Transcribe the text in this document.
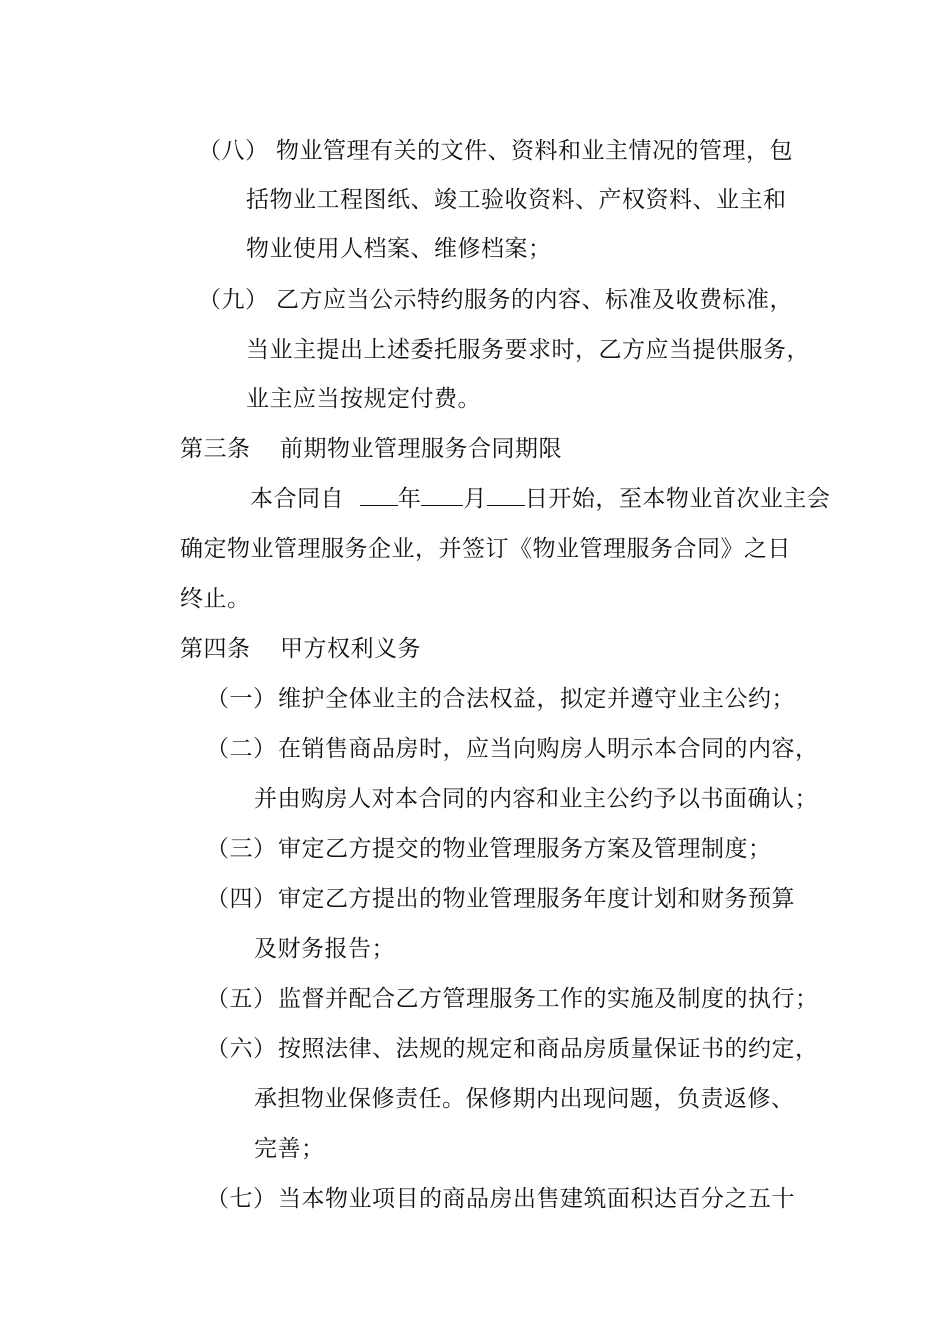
（八） 物业管理有关的文件、资料和业主情况的管理，包
括物业工程图纸、竣工验收资料、产权资料、业主和
物业使用人档案、维修档案；
（九） 乙方应当公示特约服务的内容、标准及收费标准，
当业主提出上述委托服务要求时，乙方应当提供服务，
业主应当按规定付费。
第三条 前期物业管理服务合同期限
本合同自 年 月 日开始，至本物业首次业主会
确定物业管理服务企业，并签订《物业管理服务合同》之日
终止。
第四条 甲方权利义务
（一） 维护全体业主的合法权益，拟定并遵守业主公约；
（二） 在销售商品房时，应当向购房人明示本合同的内容，
并由购房人对本合同的内容和业主公约予以书面确认；
（三） 审定乙方提交的物业管理服务方案及管理制度；
（四） 审定乙方提出的物业管理服务年度计划和财务预算
及财务报告；
（五） 监督并配合乙方管理服务工作的实施及制度的执行；
（六） 按照法律、法规的规定和商品房质量保证书的约定，
承担物业保修责任。保修期内出现问题，负责返修、
完善；
（七） 当本物业项目的商品房出售建筑面积达百分之五十
